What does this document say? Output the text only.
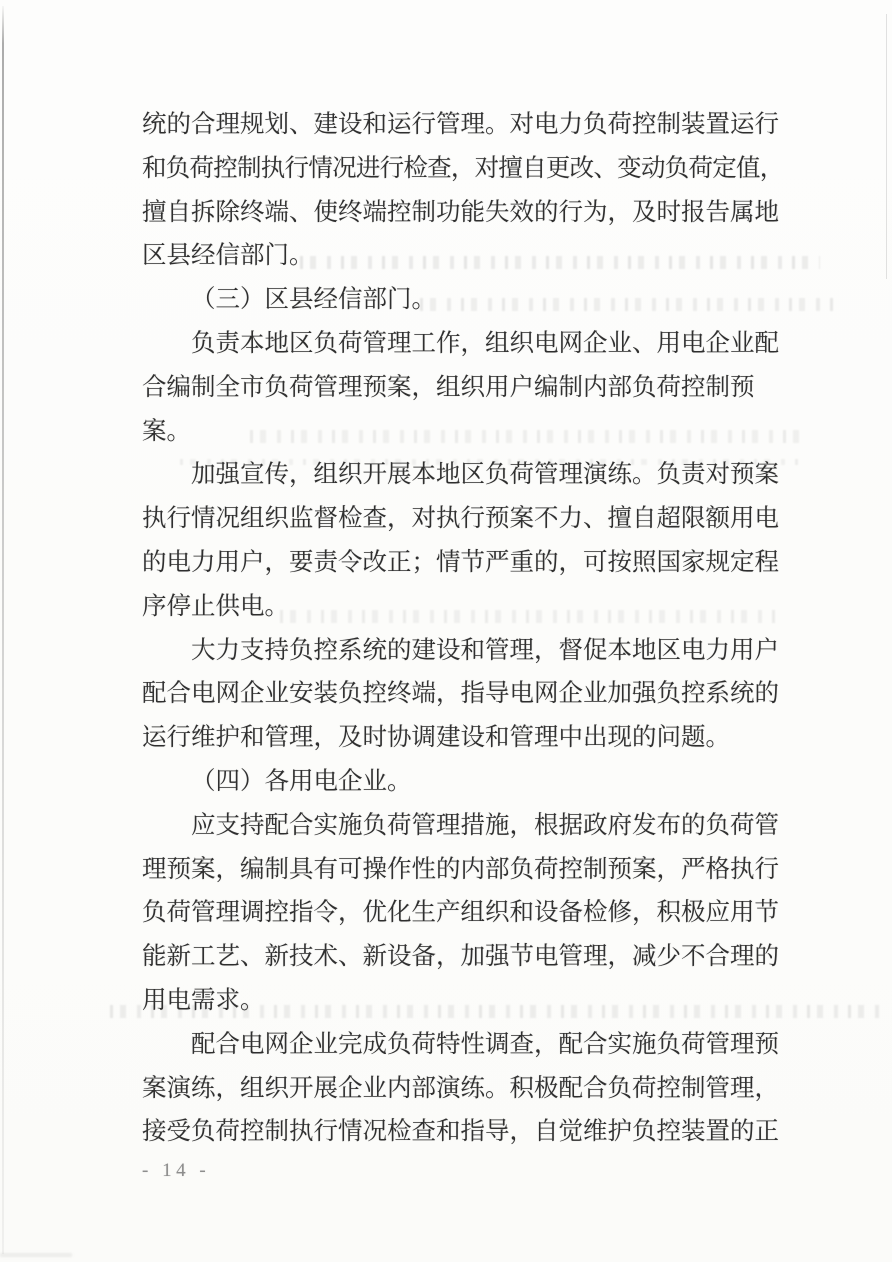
统的合理规划、建设和运行管理。对电力负荷控制装置运行
和负荷控制执行情况进行检查，对擅自更改、变动负荷定值，
擅自拆除终端、使终端控制功能失效的行为，及时报告属地
区县经信部门。

（三）区县经信部门。

负责本地区负荷管理工作，组织电网企业、用电企业配
合编制全市负荷管理预案，组织用户编制内部负荷控制预
案。

加强宣传，组织开展本地区负荷管理演练。负责对预案
执行情况组织监督检查，对执行预案不力、擅自超限额用电
的电力用户，要责令改正；情节严重的，可按照国家规定程
序停止供电。

大力支持负控系统的建设和管理，督促本地区电力用户
配合电网企业安装负控终端，指导电网企业加强负控系统的
运行维护和管理，及时协调建设和管理中出现的问题。

（四）各用电企业。

应支持配合实施负荷管理措施，根据政府发布的负荷管
理预案，编制具有可操作性的内部负荷控制预案，严格执行
负荷管理调控指令，优化生产组织和设备检修，积极应用节
能新工艺、新技术、新设备，加强节电管理，减少不合理的
用电需求。

配合电网企业完成负荷特性调查，配合实施负荷管理预
案演练，组织开展企业内部演练。积极配合负荷控制管理，
接受负荷控制执行情况检查和指导，自觉维护负控装置的正

- 14 -
